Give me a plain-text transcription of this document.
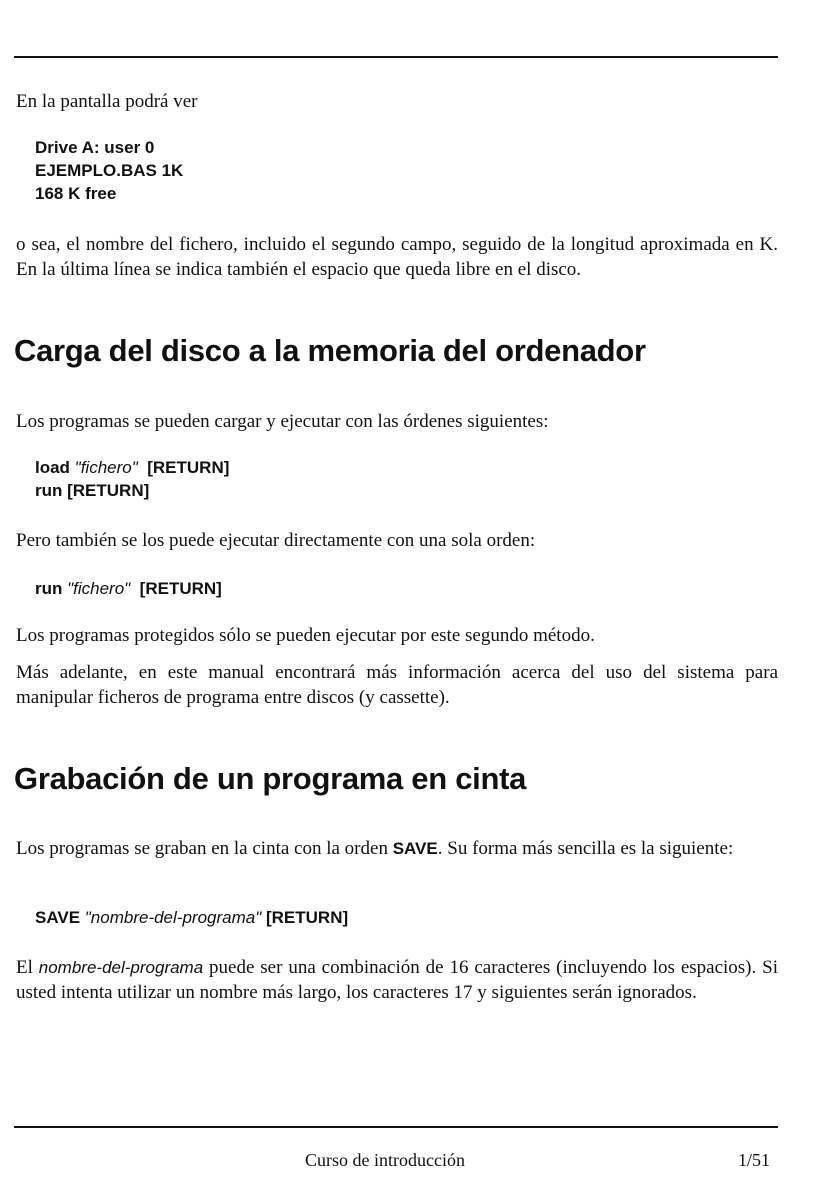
En la pantalla podrá ver

Drive A: user 0
EJEMPLO.BAS 1K
168 K free

o sea, el nombre del fichero, incluido el segundo campo, seguido de la longitud aproximada en K. En la última línea se indica también el espacio que queda libre en el disco.

Carga del disco a la memoria del ordenador

Los programas se pueden cargar y ejecutar con las órdenes siguientes:

load "fichero"  [RETURN]
run [RETURN]

Pero también se los puede ejecutar directamente con una sola orden:

run "fichero"  [RETURN]

Los programas protegidos sólo se pueden ejecutar por este segundo método.

Más adelante, en este manual encontrará más información acerca del uso del sistema para manipular ficheros de programa entre discos (y cassette).

Grabación de un programa en cinta

Los programas se graban en la cinta con la orden SAVE. Su forma más sencilla es la siguiente:

SAVE "nombre-del-programa" [RETURN]

El nombre-del-programa puede ser una combinación de 16 caracteres (incluyendo los espacios). Si usted intenta utilizar un nombre más largo, los caracteres 17 y siguientes serán ignorados.

Curso de introducción	1/51
